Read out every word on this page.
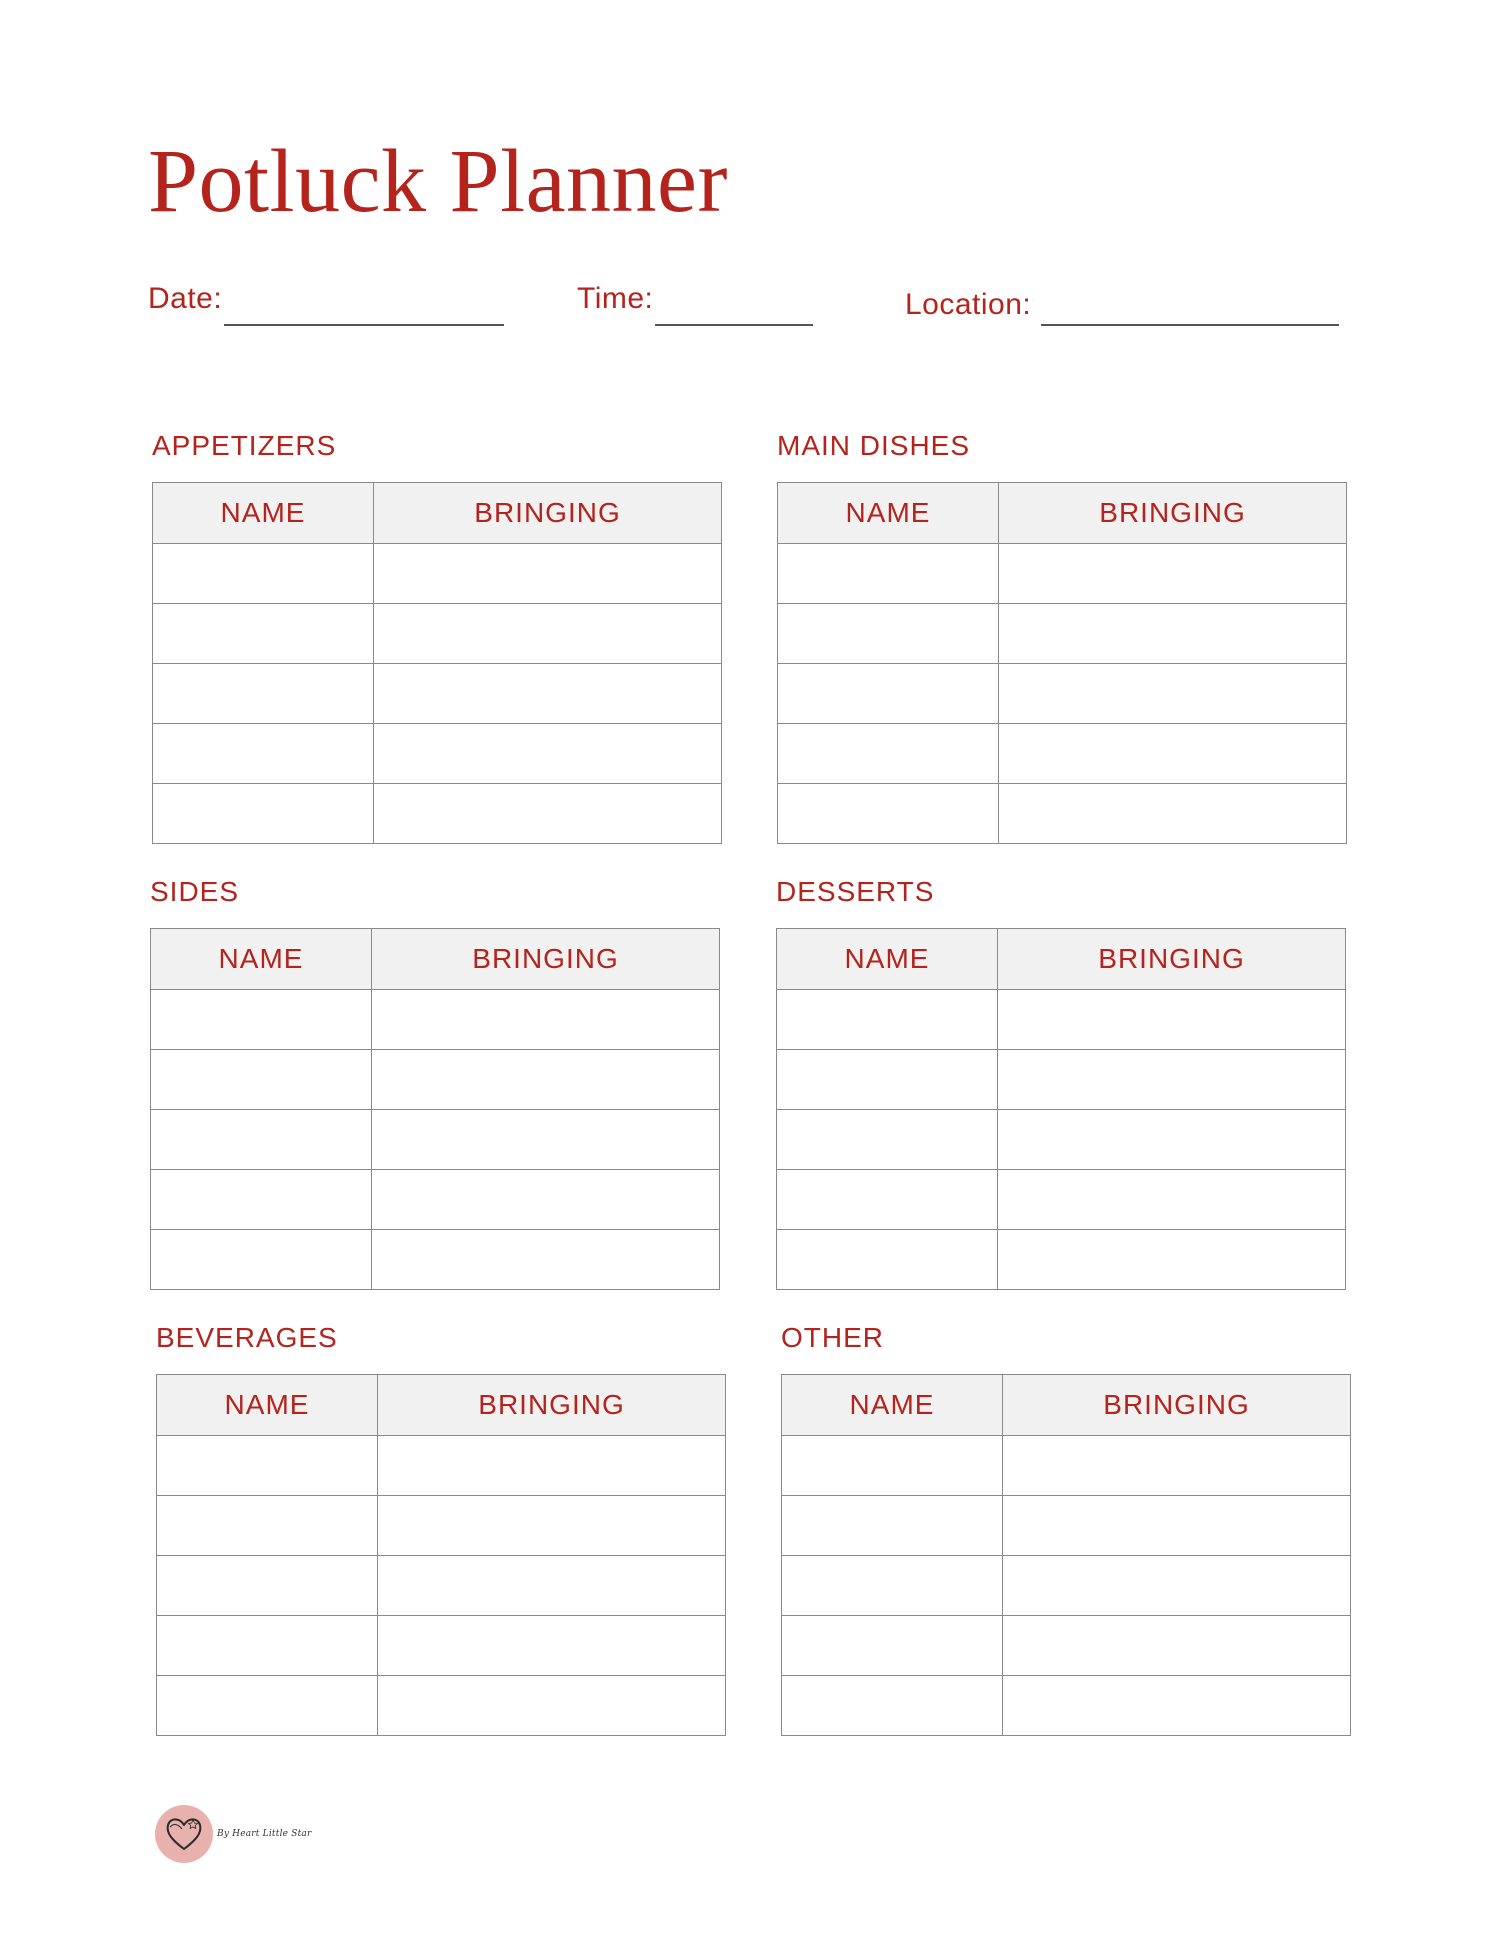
Potluck Planner
Date:	Time:	Location:
APPETIZERS
NAME	BRINGING

MAIN DISHES
NAME	BRINGING

SIDES
NAME	BRINGING

DESSERTS
NAME	BRINGING

BEVERAGES
NAME	BRINGING

OTHER
NAME	BRINGING

By Heart Little Star
